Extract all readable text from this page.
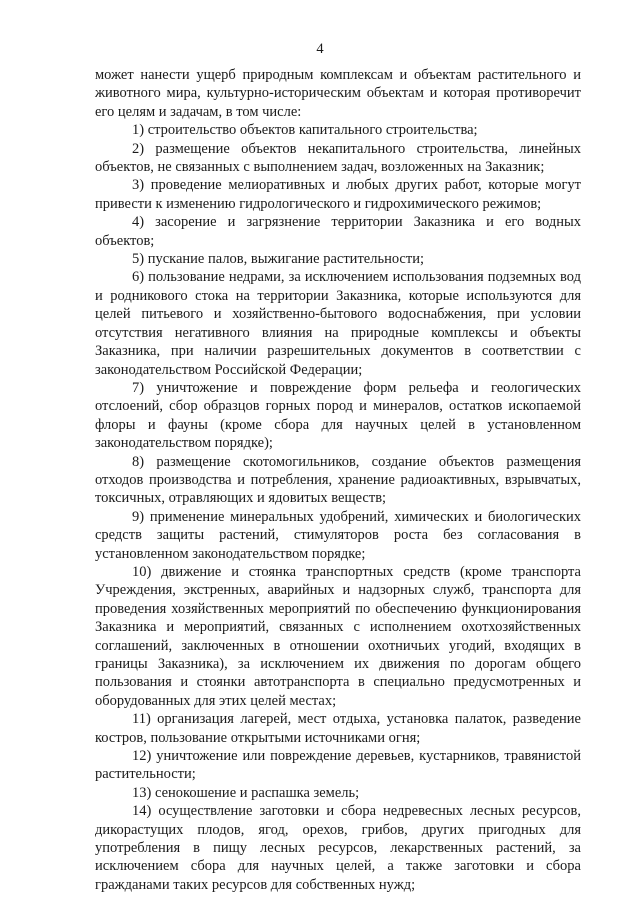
4

может нанести ущерб природным комплексам и объектам растительного и животного мира, культурно-историческим объектам и которая противоречит его целям и задачам, в том числе:

1) строительство объектов капитального строительства;

2) размещение объектов некапитального строительства, линейных объектов, не связанных с выполнением задач, возложенных на Заказник;

3) проведение мелиоративных и любых других работ, которые могут привести к изменению гидрологического и гидрохимического режимов;

4) засорение и загрязнение территории Заказника и его водных объектов;

5) пускание палов, выжигание растительности;

6) пользование недрами, за исключением использования подземных вод и родникового стока на территории Заказника, которые используются для целей питьевого и хозяйственно-бытового водоснабжения, при условии отсутствия негативного влияния на природные комплексы и объекты Заказника, при наличии разрешительных документов в соответствии с законодательством Российской Федерации;

7) уничтожение и повреждение форм рельефа и геологических отслоений, сбор образцов горных пород и минералов, остатков ископаемой флоры и фауны (кроме сбора для научных целей в установленном законодательством порядке);

8) размещение скотомогильников, создание объектов размещения отходов производства и потребления, хранение радиоактивных, взрывчатых, токсичных, отравляющих и ядовитых веществ;

9) применение минеральных удобрений, химических и биологических средств защиты растений, стимуляторов роста без согласования в установленном законодательством порядке;

10) движение и стоянка транспортных средств (кроме транспорта Учреждения, экстренных, аварийных и надзорных служб, транспорта для проведения хозяйственных мероприятий по обеспечению функционирования Заказника и мероприятий, связанных с исполнением охотхозяйственных соглашений, заключенных в отношении охотничьих угодий, входящих в границы Заказника), за исключением их движения по дорогам общего пользования и стоянки автотранспорта в специально предусмотренных и оборудованных для этих целей местах;

11) организация лагерей, мест отдыха, установка палаток, разведение костров, пользование открытыми источниками огня;

12) уничтожение или повреждение деревьев, кустарников, травянистой растительности;

13) сенокошение и распашка земель;

14) осуществление заготовки и сбора недревесных лесных ресурсов, дикорастущих плодов, ягод, орехов, грибов, других пригодных для употребления в пищу лесных ресурсов, лекарственных растений, за исключением сбора для научных целей, а также заготовки и сбора гражданами таких ресурсов для собственных нужд;
